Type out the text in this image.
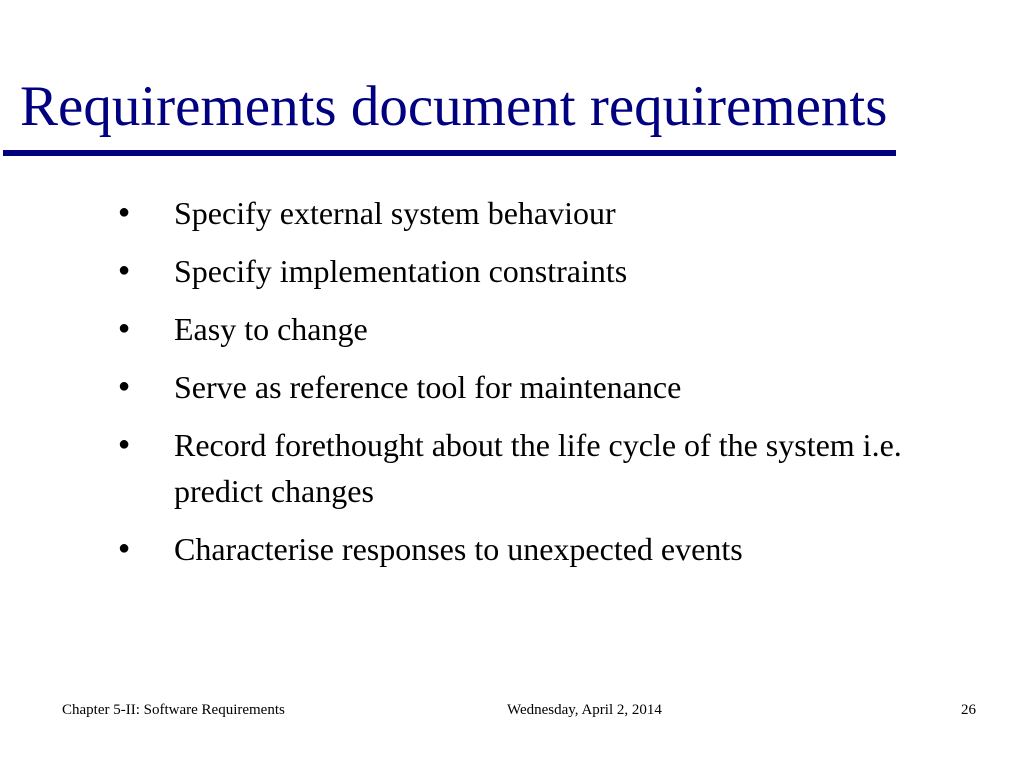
Requirements document requirements
●	Specify external system behaviour
●	Specify implementation constraints
●	Easy to change
●	Serve as reference tool for maintenance
●	Record forethought about the life cycle of the system i.e. predict changes
●	Characterise responses to unexpected events
Chapter 5-II: Software Requirements	Wednesday, April 2, 2014	26
